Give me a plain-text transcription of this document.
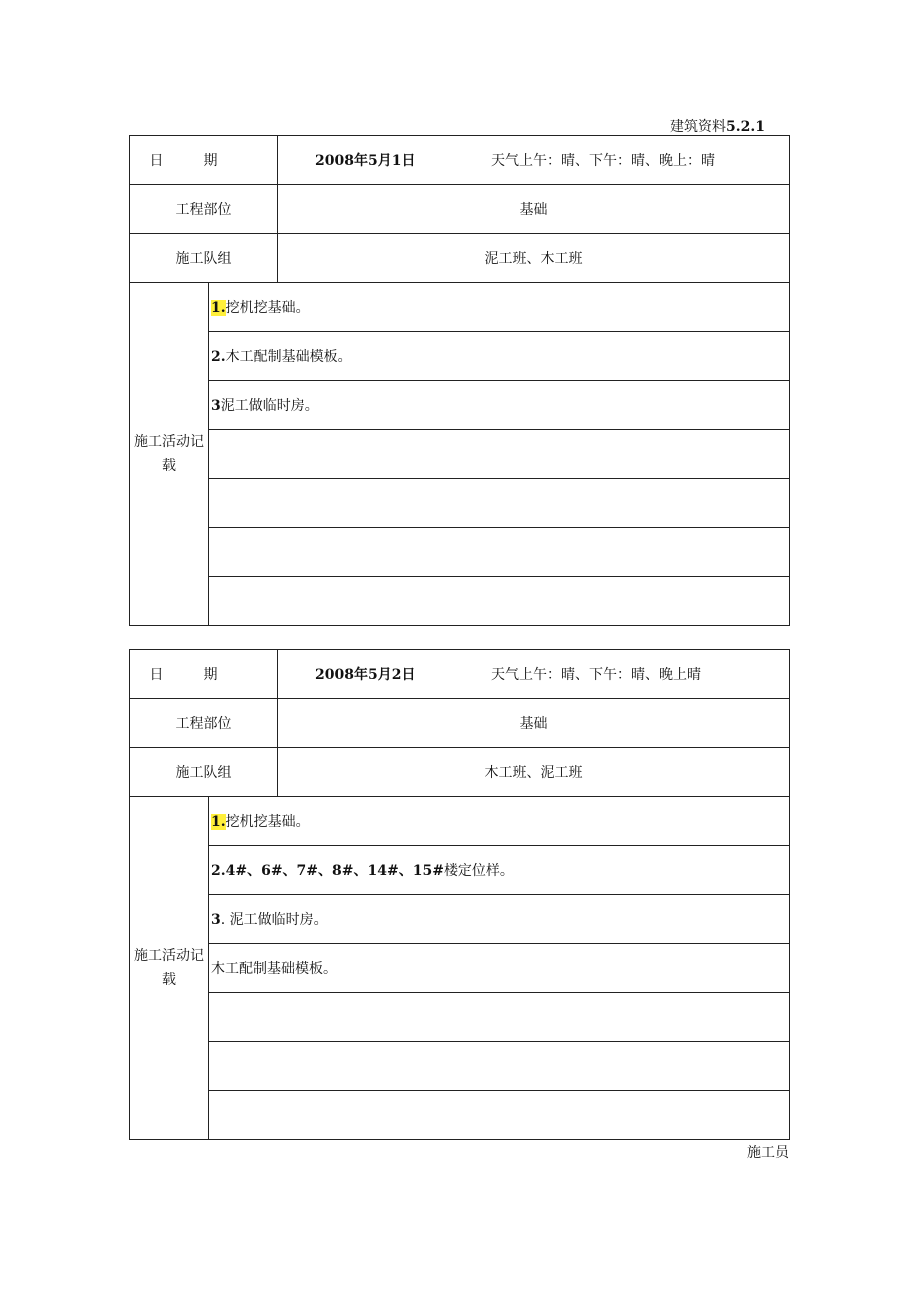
建筑资料5.2.1
日期		2008年5月1日 天气上午：晴、下午：晴、晚上：晴
工程部位		基础
施工队组		泥工班、木工班
施工活动记载	1.挖机挖基础。	
	2.木工配制基础模板。	
	3泥工做临时房。	

日期		2008年5月2日 天气上午：晴、下午：晴、晚上晴
工程部位		基础
施工队组		木工班、泥工班
施工活动记载	1.挖机挖基础。	
	2.4#、6#、7#、8#、14#、15#楼定位样。	
	3. 泥工做临时房。	
	木工配制基础模板。	

施工员
